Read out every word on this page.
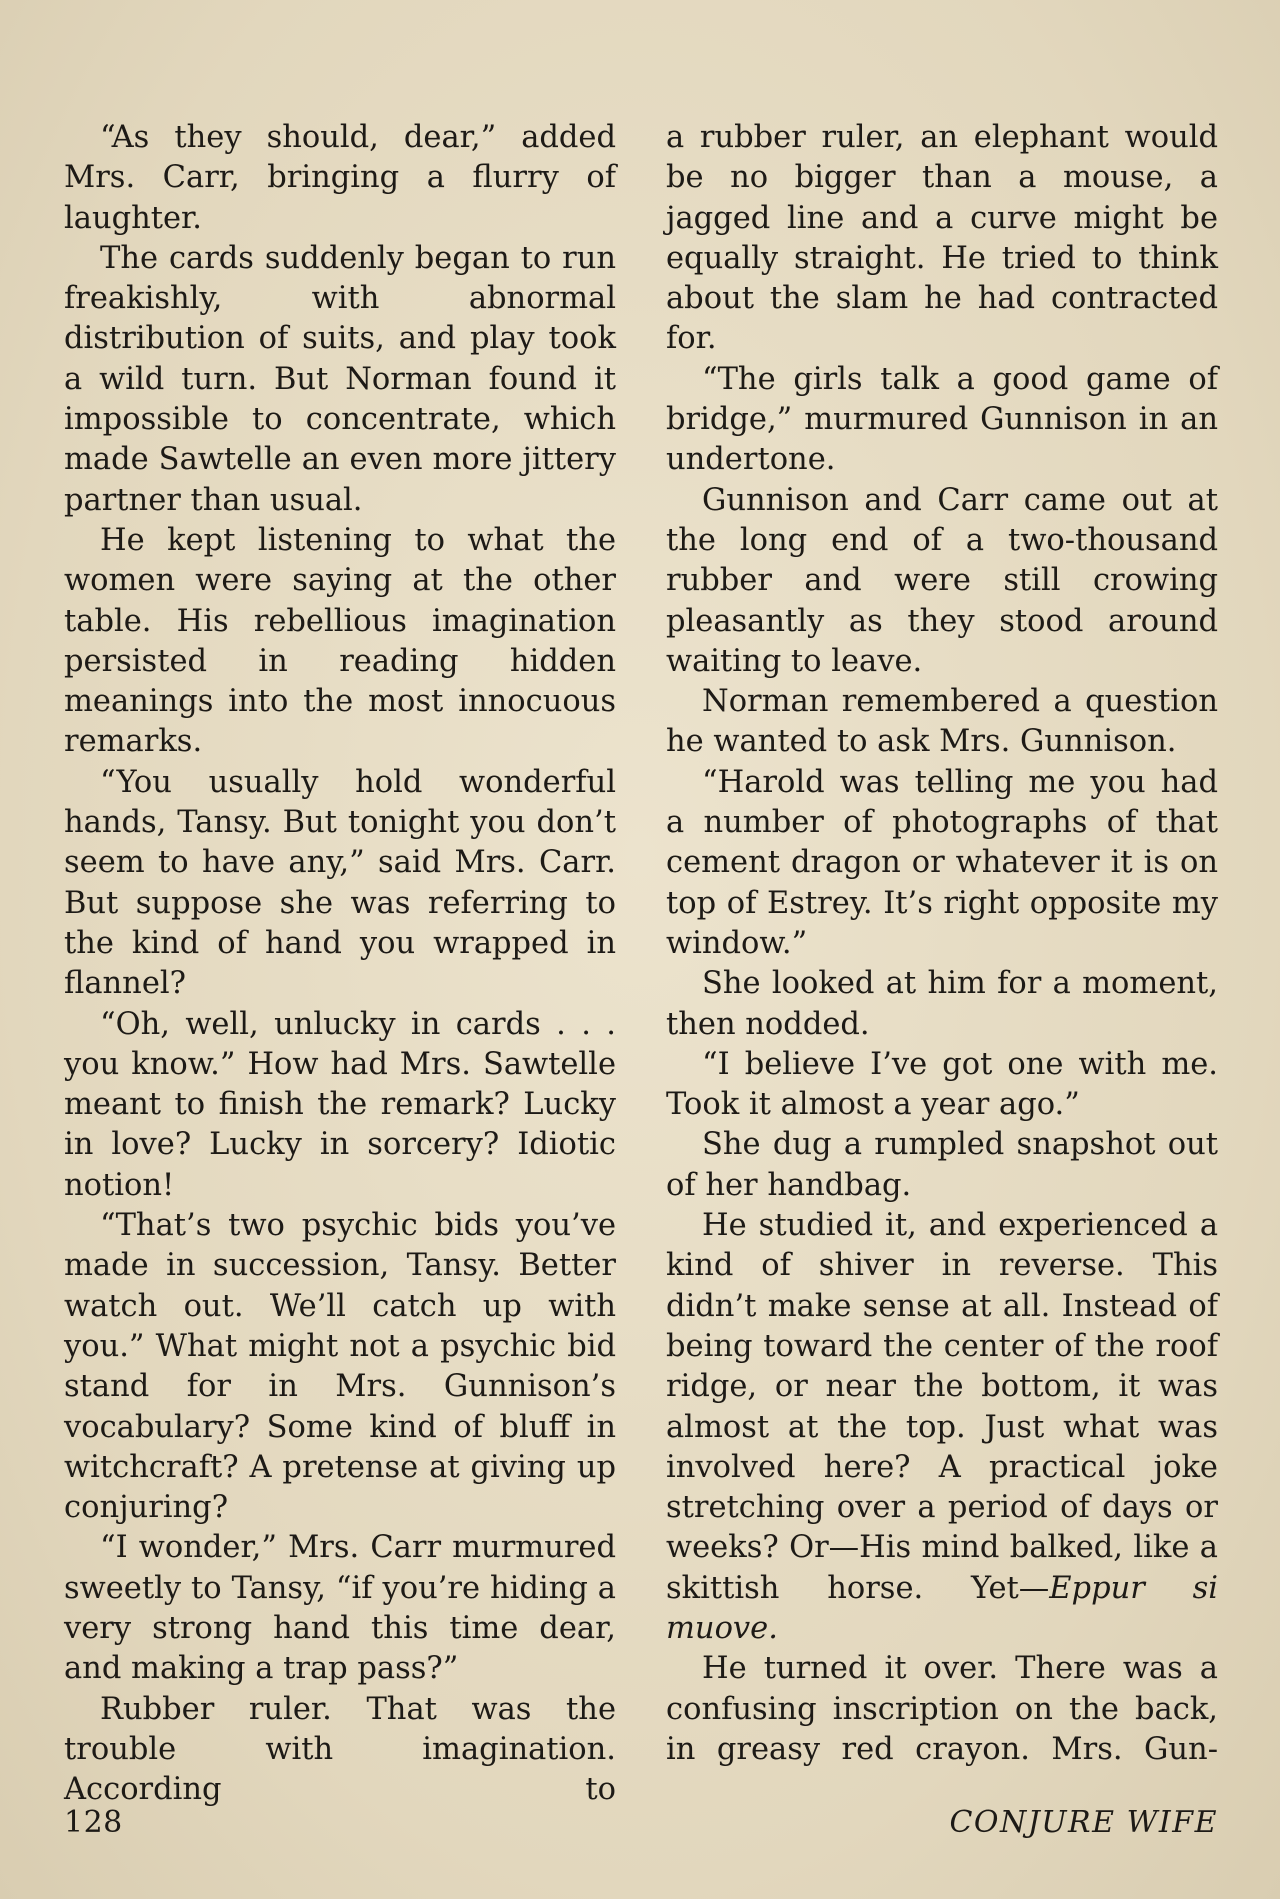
“As they should, dear,” added Mrs. Carr, bringing a flurry of laughter.

The cards suddenly began to run freakishly, with abnormal distribution of suits, and play took a wild turn. But Norman found it impossible to concentrate, which made Sawtelle an even more jittery partner than usual.

He kept listening to what the women were saying at the other table. His rebellious imagination persisted in reading hidden meanings into the most innocuous remarks.

“You usually hold wonderful hands, Tansy. But tonight you don’t seem to have any,” said Mrs. Carr. But suppose she was referring to the kind of hand you wrapped in flannel?

“Oh, well, unlucky in cards . . . you know.” How had Mrs. Sawtelle meant to finish the remark? Lucky in love? Lucky in sorcery? Idiotic notion!

“That’s two psychic bids you’ve made in succession, Tansy. Better watch out. We’ll catch up with you.” What might not a psychic bid stand for in Mrs. Gunnison’s vocabulary? Some kind of bluff in witchcraft? A pretense at giving up conjuring?

“I wonder,” Mrs. Carr murmured sweetly to Tansy, “if you’re hiding a very strong hand this time dear, and making a trap pass?”

Rubber ruler. That was the trouble with imagination. According to

a rubber ruler, an elephant would be no bigger than a mouse, a jagged line and a curve might be equally straight. He tried to think about the slam he had contracted for.

“The girls talk a good game of bridge,” murmured Gunnison in an undertone.

Gunnison and Carr came out at the long end of a two-thousand rubber and were still crowing pleasantly as they stood around waiting to leave.

Norman remembered a question he wanted to ask Mrs. Gunnison.

“Harold was telling me you had a number of photographs of that cement dragon or whatever it is on top of Estrey. It’s right opposite my window.”

She looked at him for a moment, then nodded.

“I believe I’ve got one with me. Took it almost a year ago.”

She dug a rumpled snapshot out of her handbag.

He studied it, and experienced a kind of shiver in reverse. This didn’t make sense at all. Instead of being toward the center of the roof ridge, or near the bottom, it was almost at the top. Just what was involved here? A practical joke stretching over a period of days or weeks? Or—His mind balked, like a skittish horse. Yet—Eppur si muove.

He turned it over. There was a confusing inscription on the back, in greasy red crayon. Mrs. Gun-

128	CONJURE WIFE
